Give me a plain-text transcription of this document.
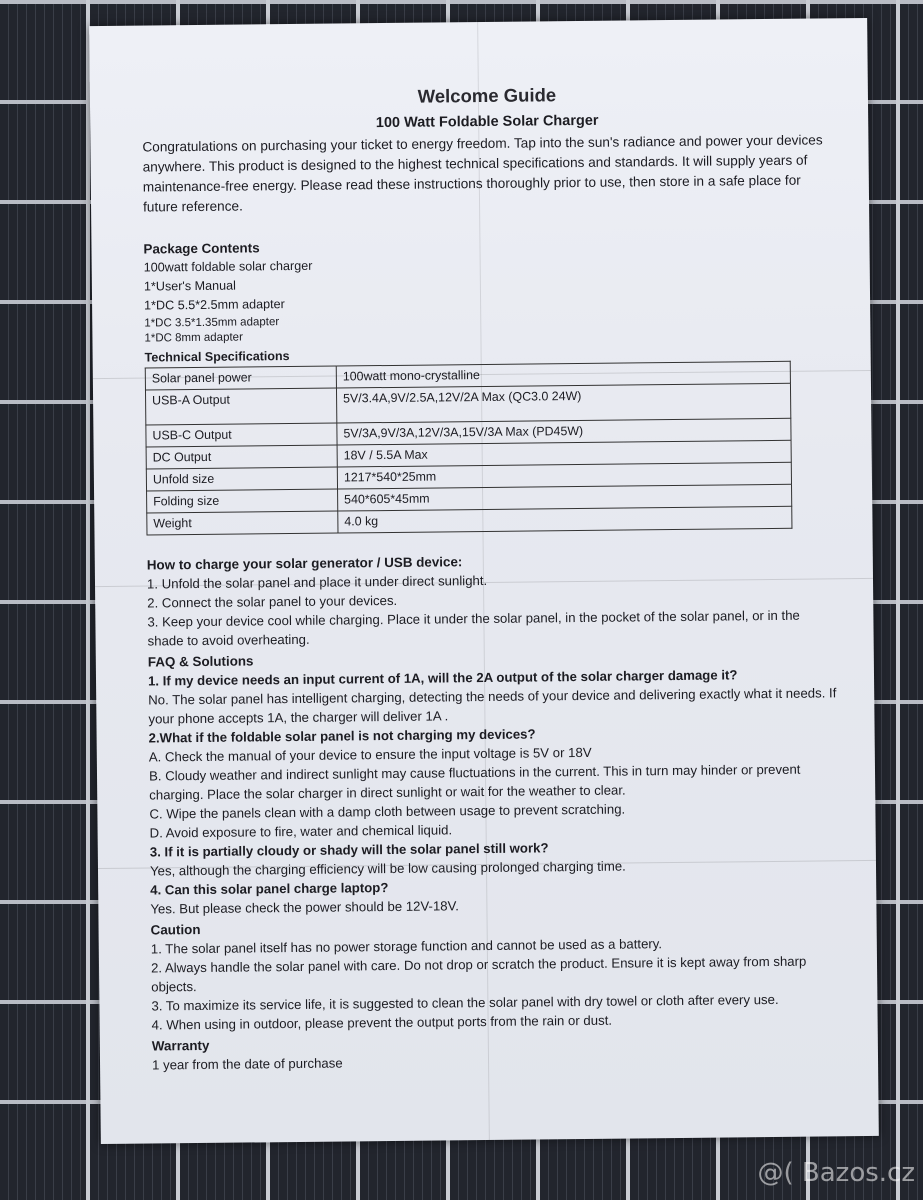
Welcome Guide
100 Watt Foldable Solar Charger

Congratulations on purchasing your ticket to energy freedom. Tap into the sun's radiance and power your devices anywhere. This product is designed to the highest technical specifications and standards. It will supply years of maintenance-free energy. Please read these instructions thoroughly prior to use, then store in a safe place for future reference.

Package Contents
100watt foldable solar charger
1*User's Manual
1*DC 5.5*2.5mm adapter
1*DC 3.5*1.35mm adapter
1*DC 8mm adapter
Technical Specifications
Solar panel power	100watt mono-crystalline
USB-A Output	5V/3.4A,9V/2.5A,12V/2A Max (QC3.0 24W)
USB-C Output	5V/3A,9V/3A,12V/3A,15V/3A Max (PD45W)
DC Output	18V / 5.5A Max
Unfold size	1217*540*25mm
Folding size	540*605*45mm
Weight	4.0 kg
How to charge your solar generator / USB device:
1. Unfold the solar panel and place it under direct sunlight.
2. Connect the solar panel to your devices.
3. Keep your device cool while charging. Place it under the solar panel, in the pocket of the solar panel, or in the shade to avoid overheating.
FAQ & Solutions
1. If my device needs an input current of 1A, will the 2A output of the solar charger damage it?
No. The solar panel has intelligent charging, detecting the needs of your device and delivering exactly what it needs. If your phone accepts 1A, the charger will deliver 1A .
2.What if the foldable solar panel is not charging my devices?
A. Check the manual of your device to ensure the input voltage is 5V or 18V
B. Cloudy weather and indirect sunlight may cause fluctuations in the current. This in turn may hinder or prevent charging. Place the solar charger in direct sunlight or wait for the weather to clear.
C. Wipe the panels clean with a damp cloth between usage to prevent scratching.
D. Avoid exposure to fire, water and chemical liquid.
3. If it is partially cloudy or shady will the solar panel still work?
Yes, although the charging efficiency will be low causing prolonged charging time.
4. Can this solar panel charge laptop?
Yes. But please check the power should be 12V-18V.
Caution
1. The solar panel itself has no power storage function and cannot be used as a battery.
2. Always handle the solar panel with care. Do not drop or scratch the product. Ensure it is kept away from sharp objects.
3. To maximize its service life, it is suggested to clean the solar panel with dry towel or cloth after every use.
4. When using in outdoor, please prevent the output ports from the rain or dust.
Warranty
1 year from the date of purchase
@( Bazos.cz
